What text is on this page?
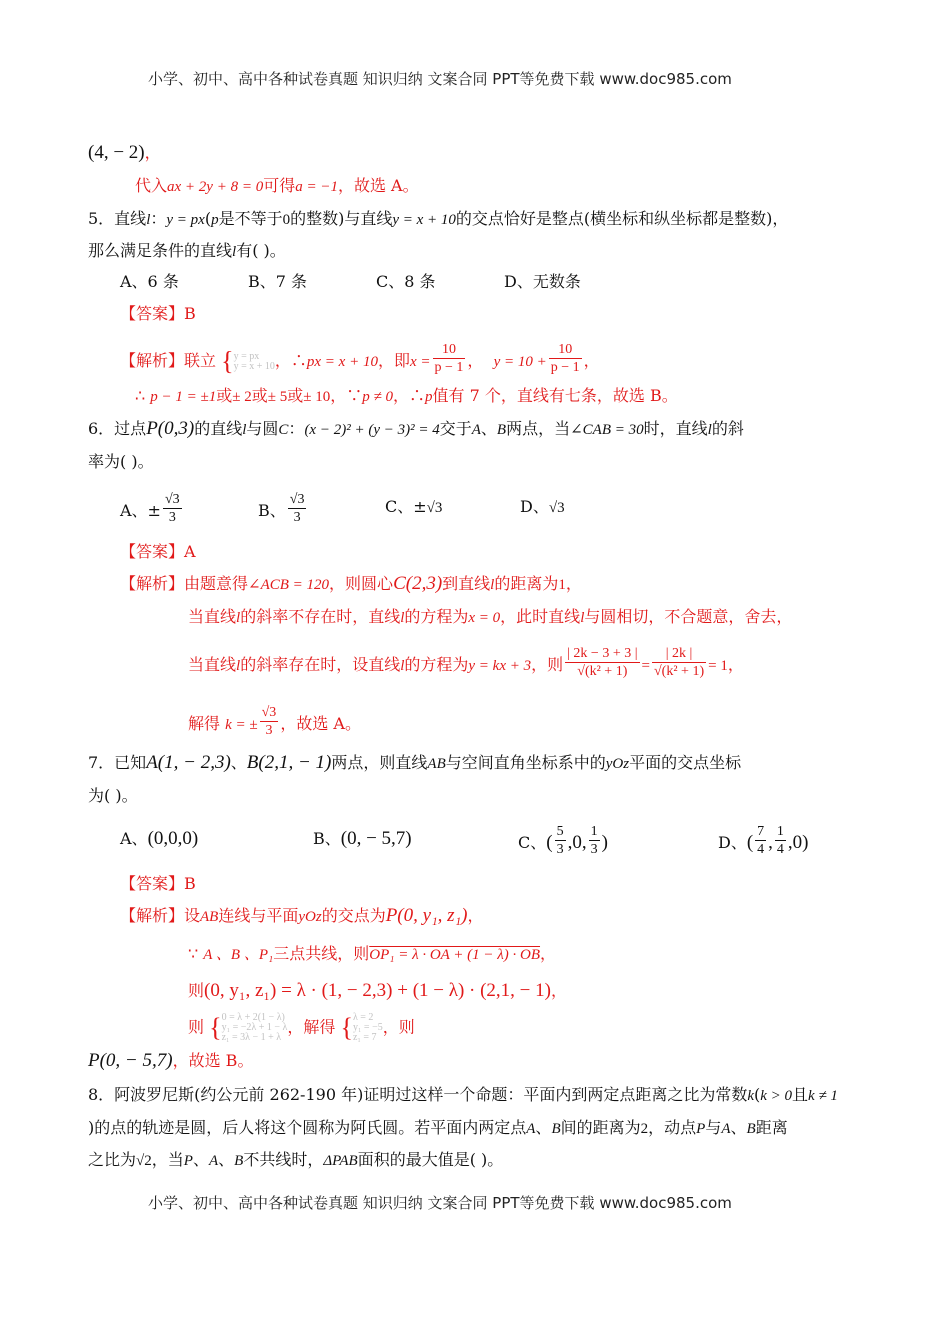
小学、初中、高中各种试卷真题 知识归纳 文案合同 PPT等免费下载 www.doc985.com
(4, − 2)，
代入ax + 2y + 8 = 0可得a = −1，故选 A。
5．直线l：y = px(p是不等于0的整数)与直线y = x + 10的交点恰好是整点(横坐标和纵坐标都是整数)，
那么满足条件的直线l有( )。
A、6 条	B、7 条	C、8 条	D、无数条
【答案】B
【解析】联立 { y = px
y = x + 10 ，∴px = x + 10，即$x = \frac{10}{p - 1}$ ， $y = 10 + \frac{10}{p - 1}$ ，
∴ p − 1 = ±1或± 2或± 5或± 10，∵p ≠ 0，∴p值有 7 个，直线有七条，故选 B。
6．过点P(0,3)的直线l与圆C：(x − 2)² + (y − 3)² = 4交于A、B两点，当∠CAB = 30时，直线l的斜
率为( )。
A、± $\frac{√3}{3}$	B、 $\frac{√3}{3}$	C、±√3	D、√3
【答案】A
【解析】由题意得∠ACB = 120，则圆心C(2,3)到直线l的距离为1，
当直线l的斜率不存在时，直线l的方程为x = 0，此时直线l与圆相切，不合题意，舍去，
当直线l的斜率存在时，设直线l的方程为y = kx + 3，则 $\frac{| 2k - 3 + 3 |}{\text{√(k² + 1)}} = \frac{| 2k |}{\text{√(k² + 1)}} = 1$，
解得 k = ± $\frac{√3}{3}$ ，故选 A。
7．已知A(1, − 2,3)、B(2,1, − 1)两点，则直线AB与空间直角坐标系中的yOz平面的交点坐标
为( )。
A、(0,0,0)	B、(0, − 5,7)	C、( $\frac{5}{3} ,0$, $\frac{1}{3}$ )	D、( $\frac{7}{4}$ , $\frac{1}{4} ,0$)
【答案】B
【解析】设AB连线与平面yOz的交点为P(0, y₁, z₁)，
∵ A 、B 、P₁三点共线，则OP₁ = λ · OA + (1 − λ) · OB，
则(0, y₁, z₁) = λ · (1, − 2,3) + (1 − λ) · (2,1, − 1)，
则 { 0 = λ + 2(1 − λ)
y₁ = −2λ + 1 − λ
z₁ = 3λ − 1 + λ
，解得 { λ = 2
y₁ = −5
z₁ = 7
，则
P(0, − 5,7)，故选 B。
8．阿波罗尼斯(约公元前 262-190 年)证明过这样一个命题：平面内到两定点距离之比为常数k(k > 0且k ≠ 1
)的点的轨迹是圆，后人将这个圆称为阿氏圆。若平面内两定点A、B间的距离为2，动点P与A、B距离
之比为√2，当P、A、B不共线时，ΔPAB面积的最大值是( )。
小学、初中、高中各种试卷真题 知识归纳 文案合同 PPT等免费下载 www.doc985.com
